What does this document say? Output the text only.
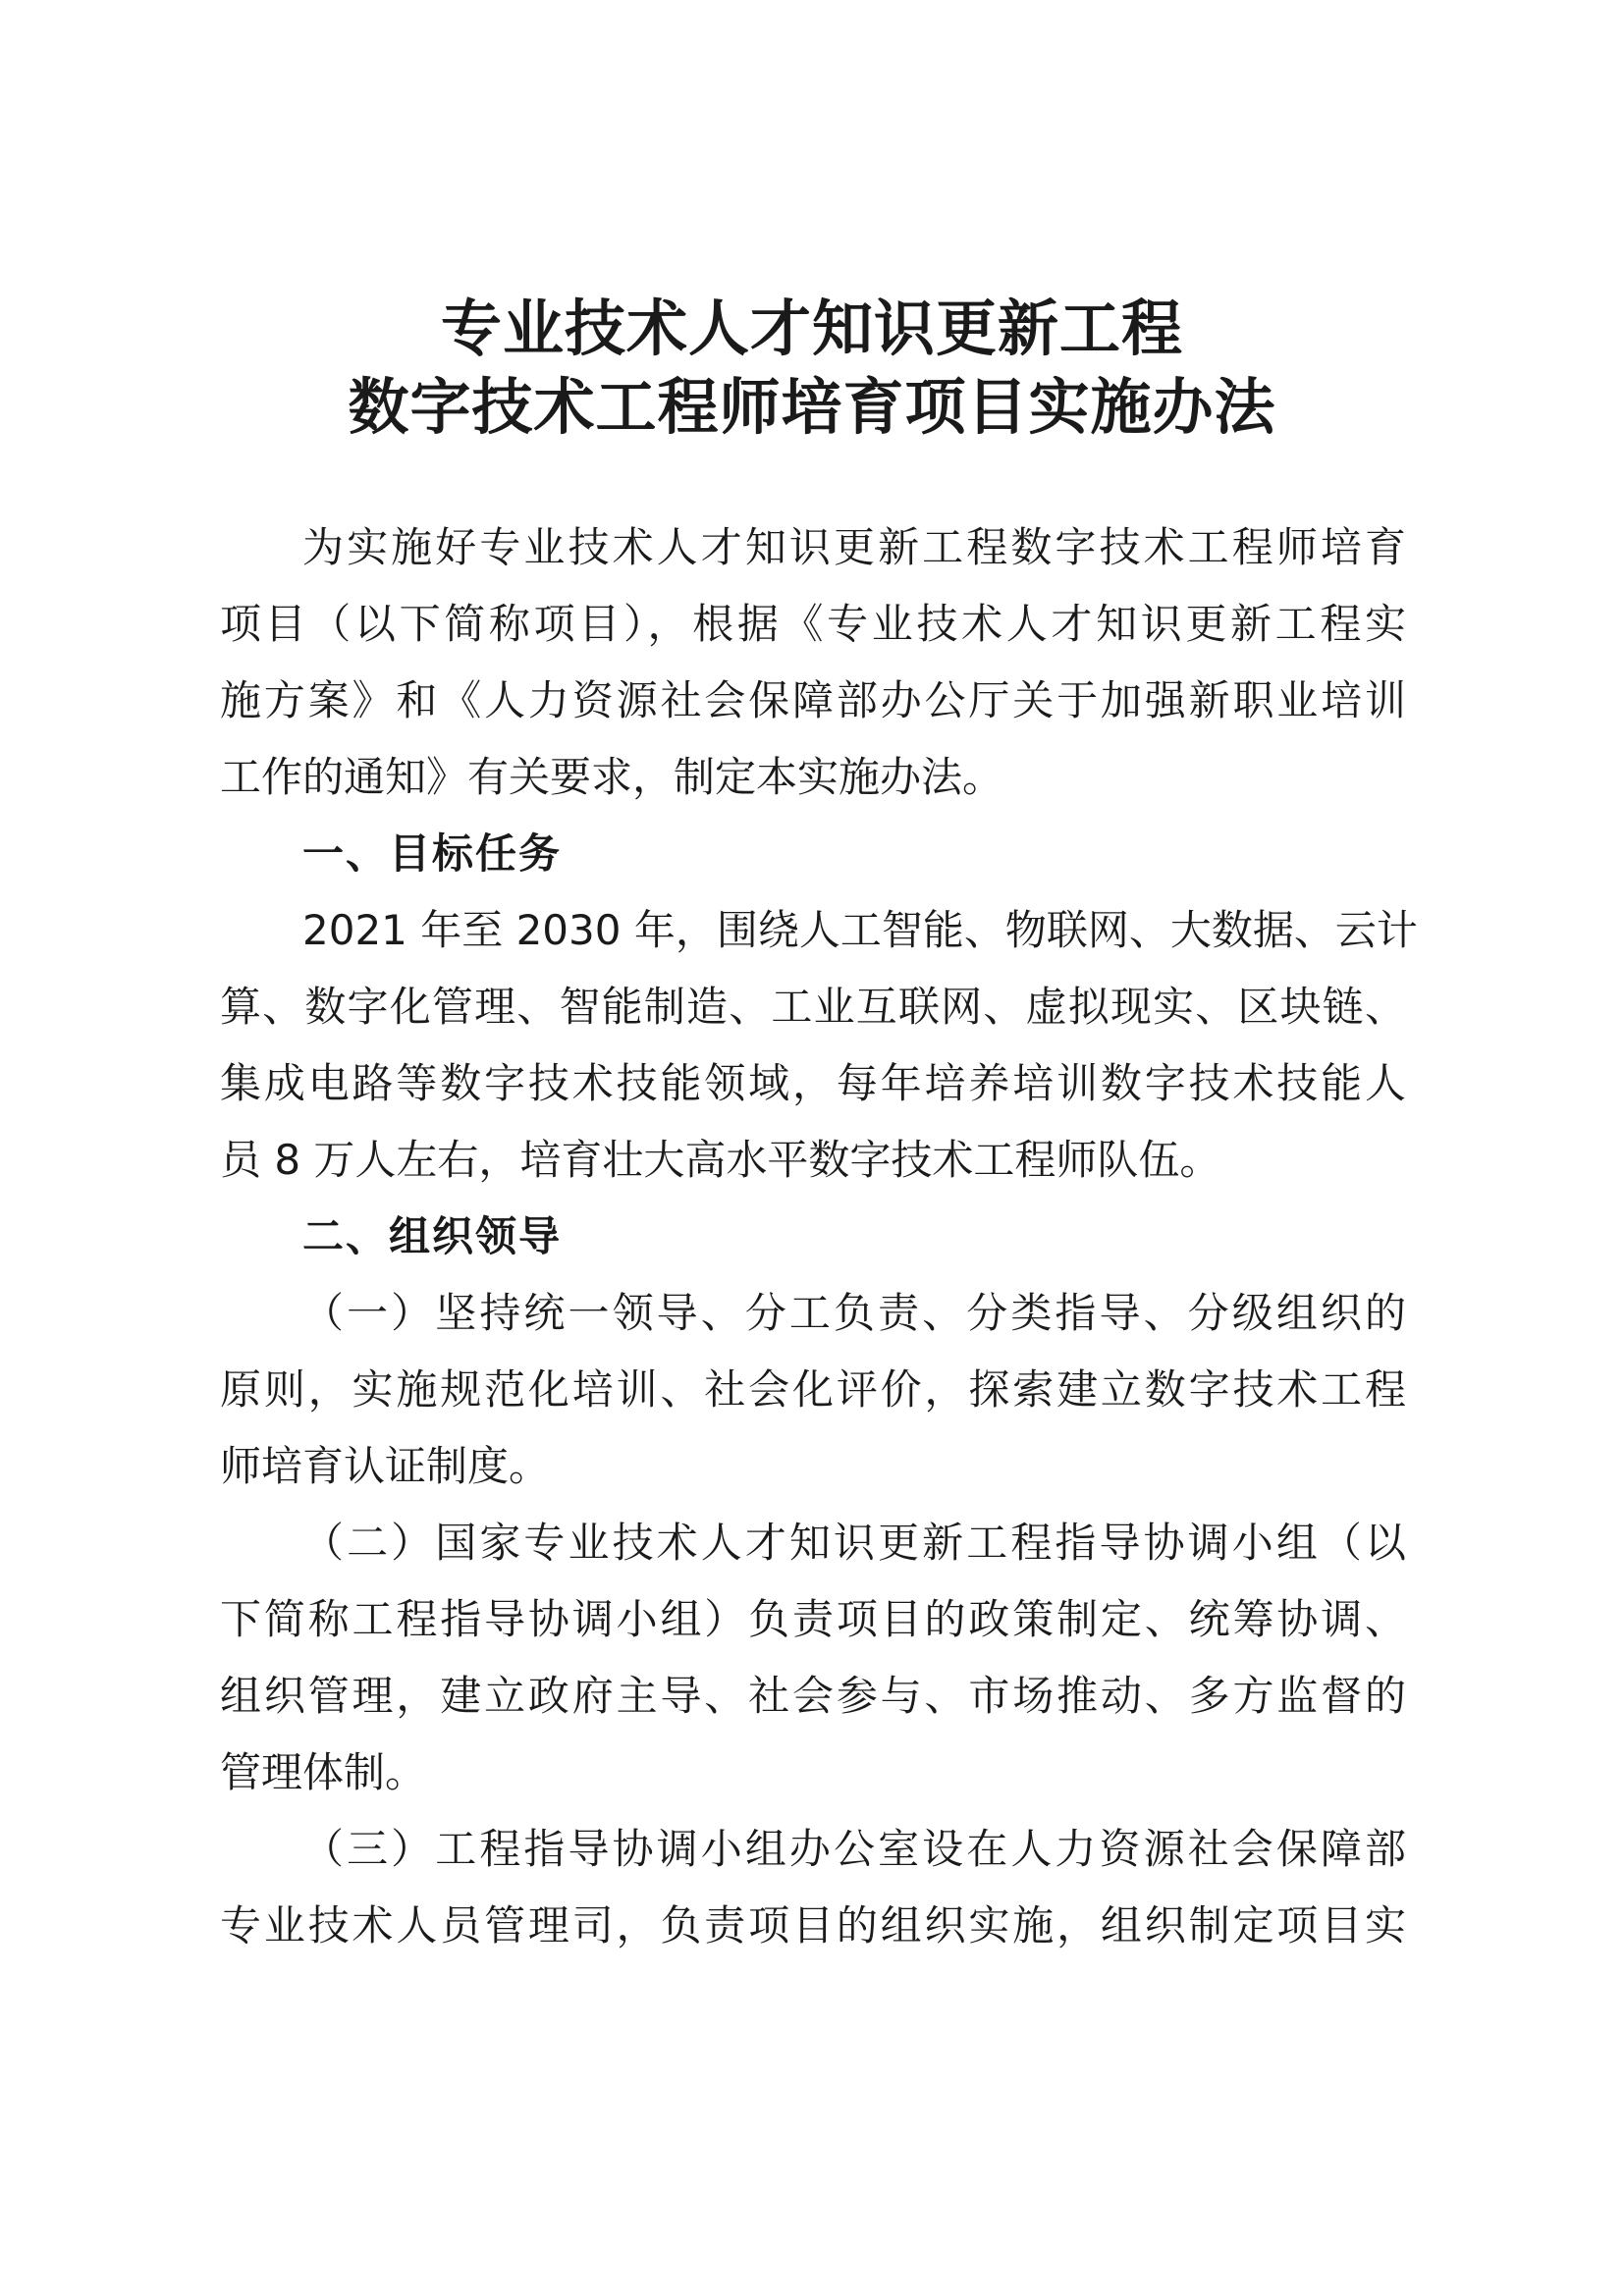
专业技术人才知识更新工程
数字技术工程师培育项目实施办法
为实施好专业技术人才知识更新工程数字技术工程师培育
项目（以下简称项目），根据《专业技术人才知识更新工程实
施方案》和《人力资源社会保障部办公厅关于加强新职业培训
工作的通知》有关要求，制定本实施办法。
一、目标任务
2021 年至 2030 年，围绕人工智能、物联网、大数据、云计
算、数字化管理、智能制造、工业互联网、虚拟现实、区块链、
集成电路等数字技术技能领域，每年培养培训数字技术技能人
员 8 万人左右，培育壮大高水平数字技术工程师队伍。
二、组织领导
（一）坚持统一领导、分工负责、分类指导、分级组织的
原则，实施规范化培训、社会化评价，探索建立数字技术工程
师培育认证制度。
（二）国家专业技术人才知识更新工程指导协调小组（以
下简称工程指导协调小组）负责项目的政策制定、统筹协调、
组织管理，建立政府主导、社会参与、市场推动、多方监督的
管理体制。
（三）工程指导协调小组办公室设在人力资源社会保障部
专业技术人员管理司，负责项目的组织实施，组织制定项目实
